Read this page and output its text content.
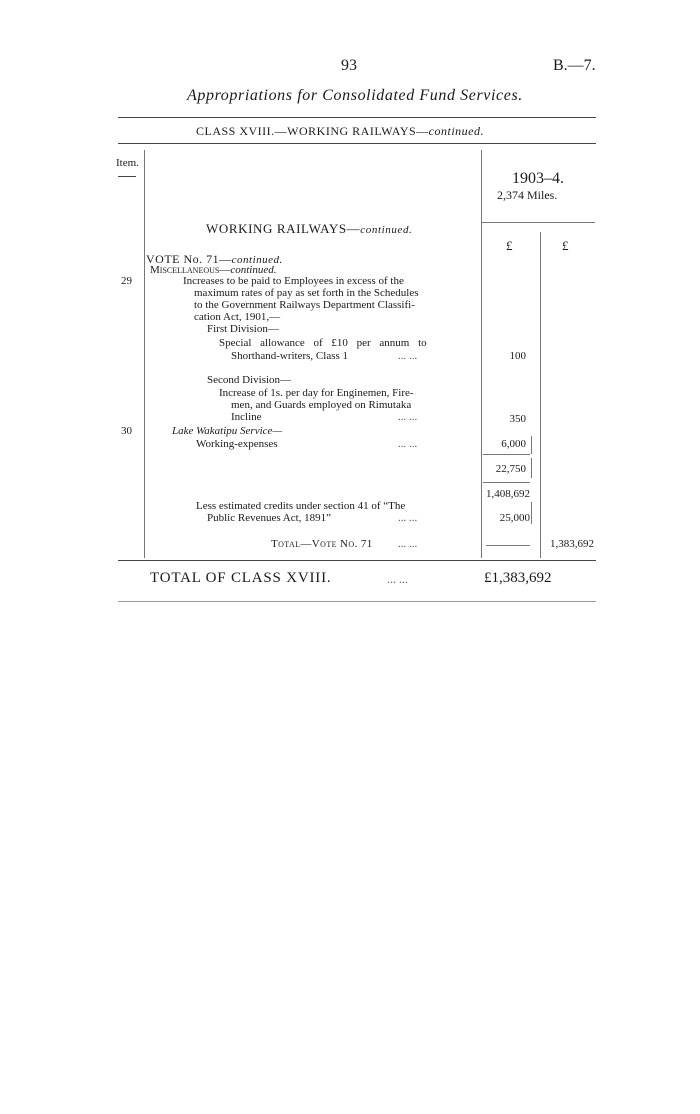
93	B.—7.
Appropriations for Consolidated Fund Services.
CLASS XVIII.—WORKING RAILWAYS—continued.
Item.
1903–4.
2,374 Miles.
£	£
WORKING RAILWAYS—continued.
VOTE No. 71—continued.
Miscellaneous—continued.
29	Increases to be paid to Employees in excess of the
maximum rates of pay as set forth in the Schedules
to the Government Railways Department Classifi-
cation Act, 1901,—
First Division—
Special allowance of £10 per annum to
Shorthand-writers, Class 1	... ...	100
Second Division—
Increase of 1s. per day for Enginemen, Fire-
men, and Guards employed on Rimutaka
Incline	... ...	350
30	Lake Wakatipu Service—
Working-expenses	... ...	6,000
22,750
1,408,692
Less estimated credits under section 41 of “The
Public Revenues Act, 1891”	... ...	25,000
Total—Vote No. 71 ... ...	1,383,692
TOTAL OF CLASS XVIII.	... ...	£1,383,692
